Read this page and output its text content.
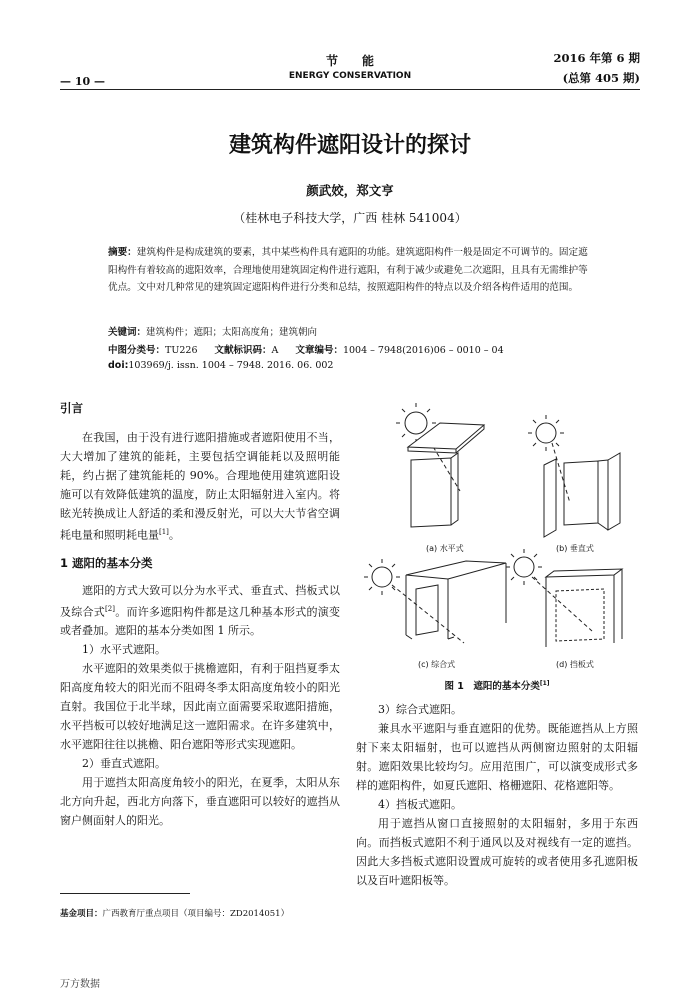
节　　能
ENERGY CONSERVATION
— 10 —
2016 年第 6 期
(总第 405 期)
建筑构件遮阳设计的探讨
颜武姣，郑文亨
（桂林电子科技大学，广西 桂林 541004）
摘要：建筑构件是构成建筑的要素，其中某些构件具有遮阳的功能。建筑遮阳构件一般是固定不可调节的。固定遮阳构件有着较高的遮阳效率，合理地使用建筑固定构件进行遮阳，有利于减少或避免二次遮阳，且具有无需维护等优点。文中对几种常见的建筑固定遮阳构件进行分类和总结，按照遮阳构件的特点以及介绍各构件适用的范围。
关键词：建筑构件；遮阳；太阳高度角；建筑朝向
中图分类号：TU226 文献标识码：A 文章编号：1004 – 7948(2016)06 – 0010 – 04
doi:103969/j. issn. 1004 – 7948. 2016. 06. 002
引言

在我国，由于没有进行遮阳措施或者遮阳使用不当，大大增加了建筑的能耗，主要包括空调能耗以及照明能耗，约占据了建筑能耗的 90%。合理地使用建筑遮阳设施可以有效降低建筑的温度，防止太阳辐射进入室内。将眩光转换成让人舒适的柔和漫反射光，可以大大节省空调耗电量和照明耗电量[1]。

1 遮阳的基本分类

遮阳的方式大致可以分为水平式、垂直式、挡板式以及综合式[2]。而许多遮阳构件都是这几种基本形式的演变或者叠加。遮阳的基本分类如图 1 所示。

1）水平式遮阳。

水平遮阳的效果类似于挑檐遮阳，有利于阻挡夏季太阳高度角较大的阳光而不阻碍冬季太阳高度角较小的阳光直射。我国位于北半球，因此南立面需要采取遮阳措施，水平挡板可以较好地满足这一遮阳需求。在许多建筑中，水平遮阳往往以挑檐、阳台遮阳等形式实现遮阳。

2）垂直式遮阳。

用于遮挡太阳高度角较小的阳光，在夏季，太阳从东北方向升起，西北方向落下，垂直遮阳可以较好的遮挡从窗户侧面射人的阳光。

基金项目：广西教育厅重点项目（项目编号：ZD2014051）
(a) 水平式	(b) 垂直式
(c) 综合式	(d) 挡板式
图 1　遮阳的基本分类[1]

3）综合式遮阳。

兼具水平遮阳与垂直遮阳的优势。既能遮挡从上方照射下来太阳辐射，也可以遮挡从两侧窗边照射的太阳辐射。遮阳效果比较均匀。应用范围广，可以演变成形式多样的遮阳构件，如夏氏遮阳、格栅遮阳、花格遮阳等。

4）挡板式遮阳。

用于遮挡从窗口直接照射的太阳辐射，多用于东西向。而挡板式遮阳不利于通风以及对视线有一定的遮挡。因此大多挡板式遮阳设置成可旋转的或者使用多孔遮阳板以及百叶遮阳板等。

万方数据
